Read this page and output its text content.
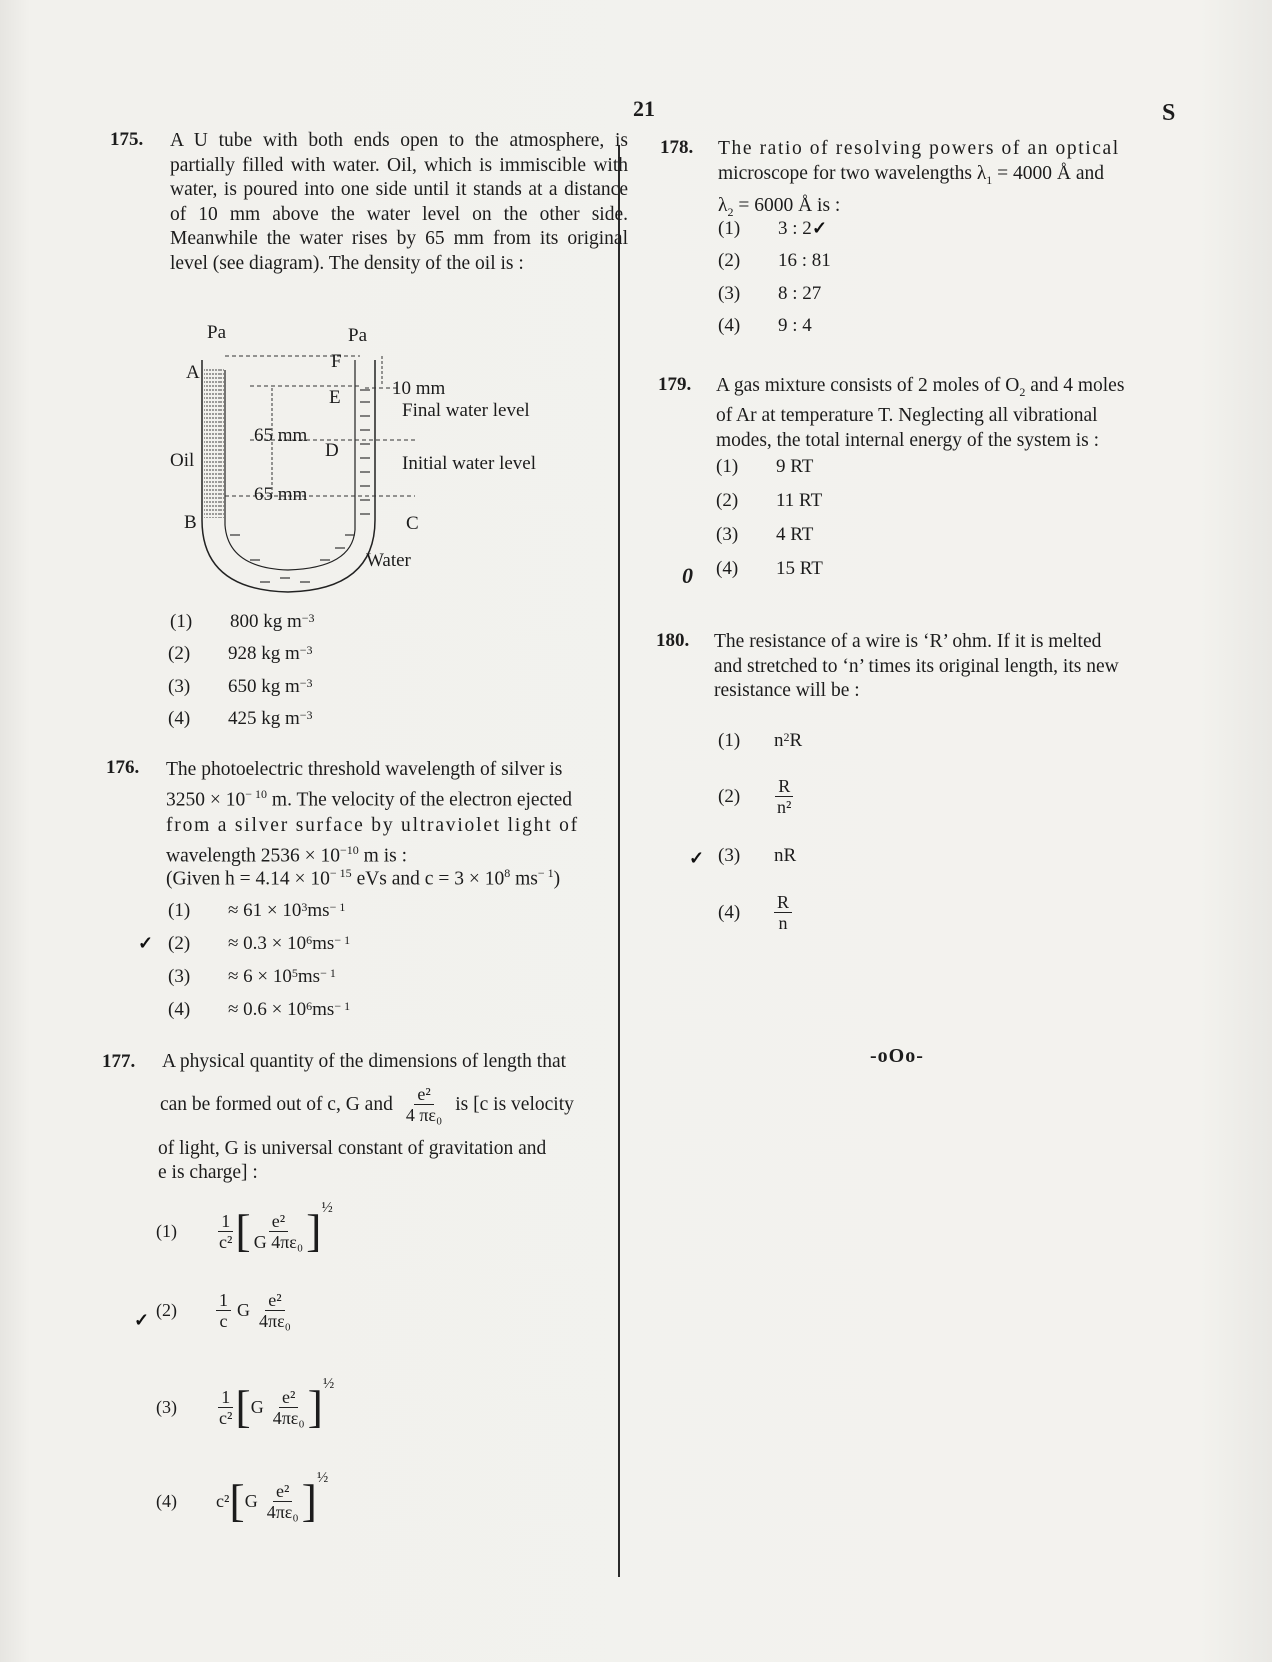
21	S
175. A U tube with both ends open to the atmosphere, is partially filled with water. Oil, which is immiscible with water, is poured into one side until it stands at a distance of 10 mm above the water level on the other side. Meanwhile the water rises by 65 mm from its original level (see diagram). The density of the oil is :
Pa	Pa
A
F
E
D
Oil
B	C
Water
10 mm
Final water level
65 mm
Initial water level
65 mm
(1)	800 kg m −3
(2)	928 kg m −3
(3)	650 kg m −3
(4)	425 kg m −3
176. The photoelectric threshold wavelength of silver is
$3250 \times 10^{- 10}$ m. The velocity of the electron ejected
from a silver surface by ultraviolet light of
wavelength $2536 \times 10^{-10}$ m is :
(Given $h = 4.14 \times 10^{- 15}$ eVs and $c = 3 \times 10^8$ $ms^{- 1}$)
(1)	≈ 61 × 10 3 ms − 1
(2)	≈ 0.3 × 10 6 ms − 1
(3)	≈ 6 × 10 5 ms − 1
(4)	≈ 0.6 × 10 6 ms − 1
✓
177. A physical quantity of the dimensions of length that
can be formed out of c, G and $\frac{\text{e²}}{\text{4 πε₀}}$ is [c is velocity
of light, G is universal constant of gravitation and
e is charge] :
(1)	$\frac{1}{\text{c²}}$ [ $\frac{\text{e²}}{\text{G 4πε₀}}$ ] ½
(2)	$\frac{1}{c}$ G $\frac{\text{e²}}{\text{4πε₀}}$
✓
(3)	$\frac{1}{\text{c²}}$ [ G $\frac{\text{e²}}{\text{4πε₀}}$ ] ½
(4)	c² [ G $\frac{\text{e²}}{\text{4πε₀}}$ ] ½
178. The ratio of resolving powers of an optical
microscope for two wavelengths $\lambda_1 = 4000$ Å and
$\lambda_2 = 6000$ Å is :
(1)	3 : 2 ✓
(2)	16 : 81
(3)	8 : 27
(4)	9 : 4
179. A gas mixture consists of 2 moles of $O_2$ and 4 moles
of Ar at temperature T. Neglecting all vibrational
modes, the total internal energy of the system is :
(1)	9 RT
(2)	11 RT
(3)	4 RT
(4)	15 RT
0
180. The resistance of a wire is ‘R’ ohm. If it is melted
and stretched to ‘n’ times its original length, its new
resistance will be :
(1)	n 2 R
(2)	$\frac{R}{\text{n²}}$
(3)	nR
✓
(4)	$\frac{R}{n}$
-oOo-
